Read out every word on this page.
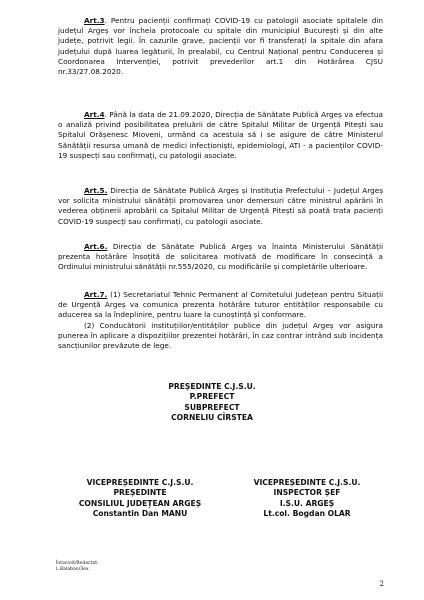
Art.3. Pentru pacienții confirmați COVID-19 cu patologii asociate spitalele din județul Argeș vor încheia protocoale cu spitale din municipiul București și din alte județe, potrivit legii. În cazurile grave, pacienții vor fi transferați la spitale din afara județului după luarea legăturii, în prealabil, cu Centrul Național pentru Conducerea și Coordonarea Intervenției, potrivit prevederilor art.1 din Hotărârea CJSU nr.33/27.08.2020.

Art.4. Până la data de 21.09.2020, Direcția de Sănătate Publică Argeș va efectua o analiză privind posibilitatea preluării de către Spitalul Militar de Urgență Pitești sau Spitalul Orășenesc Mioveni, urmând ca acestuia să i se asigure de către Ministerul Sănătății resursa umană de medici infecționiști, epidemiologi, ATI - a pacienților COVID-19 suspecți sau confirmați, cu patologii asociate.

Art.5. Direcția de Sănătate Publică Argeș și Instituția Prefectului – Județul Argeș vor solicita ministrului sănătății promovarea unor demersuri către ministrul apărării în vederea obținerii aprobării ca Spitalul Militar de Urgență Pitești să poată trata pacienți COVID-19 suspecți sau confirmați, cu patologii asociate.

Art.6. Direcția de Sănătate Publică Argeș va înainta Ministerului Sănătății prezenta hotărâre însoțită de solicitarea motivată de modificare în consecință a Ordinului ministrului sănătății nr.555/2020, cu modificările și completările ulterioare.

Art.7. (1) Secretariatul Tehnic Permanent al Comitetului Județean pentru Situații de Urgență Argeș va comunica prezenta hotărâre tuturor entităților responsabile cu aducerea sa la îndeplinire, pentru luare la cunoștință și conformare.
(2) Conducătorii instituțiilor/entităților publice din județul Argeș vor asigura punerea în aplicare a dispozițiilor prezentei hotărâri, în caz contrar intrând sub incidența sancțiunilor prevăzute de lege.

PREȘEDINTE C.J.S.U.
P.PREFECT
SUBPREFECT
CORNELIU CÎRSTEA
VICEPREȘEDINTE C.J.S.U.
PREȘEDINTE
CONSILIUL JUDEȚEAN ARGEȘ
Constantin Dan MANU
VICEPREȘEDINTE C.J.S.U.
INSPECTOR ȘEF
I.S.U. ARGEȘ
Lt.col. Bogdan OLAR
Întocmit/Redactat:
L.Balaban/3ex.
2
